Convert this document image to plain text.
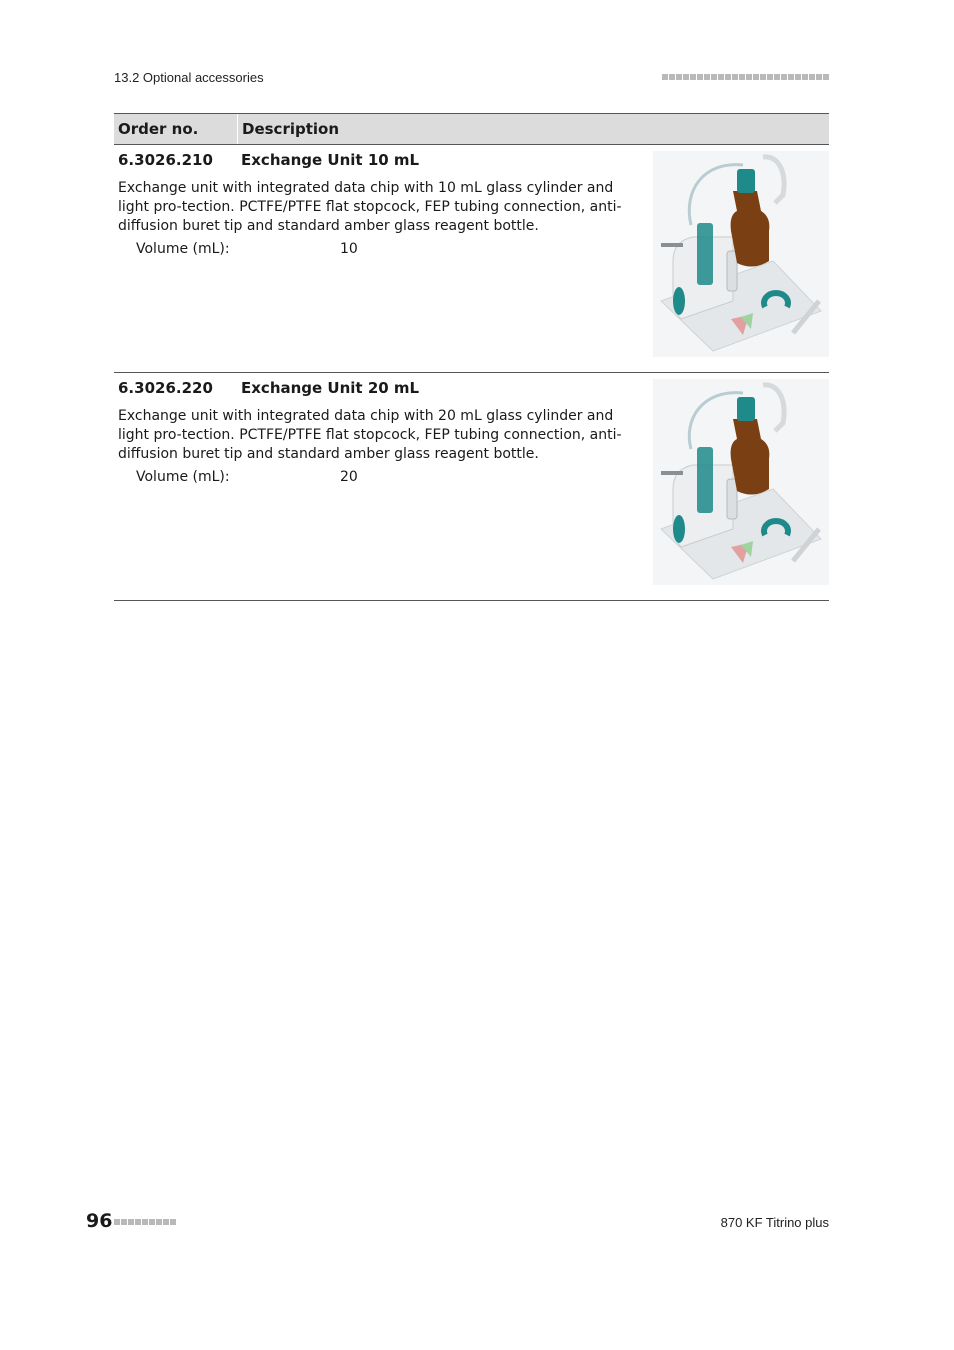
13.2 Optional accessories
Order no.	Description
6.3026.210	Exchange Unit 10 mL
Exchange unit with integrated data chip with 10 mL glass cylinder and light pro-tection. PCTFE/PTFE flat stopcock, FEP tubing connection, anti-diffusion buret tip and standard amber glass reagent bottle.
Volume (mL):	10
6.3026.220	Exchange Unit 20 mL
Exchange unit with integrated data chip with 20 mL glass cylinder and light pro-tection. PCTFE/PTFE flat stopcock, FEP tubing connection, anti-diffusion buret tip and standard amber glass reagent bottle.
Volume (mL):	20
96	870 KF Titrino plus
